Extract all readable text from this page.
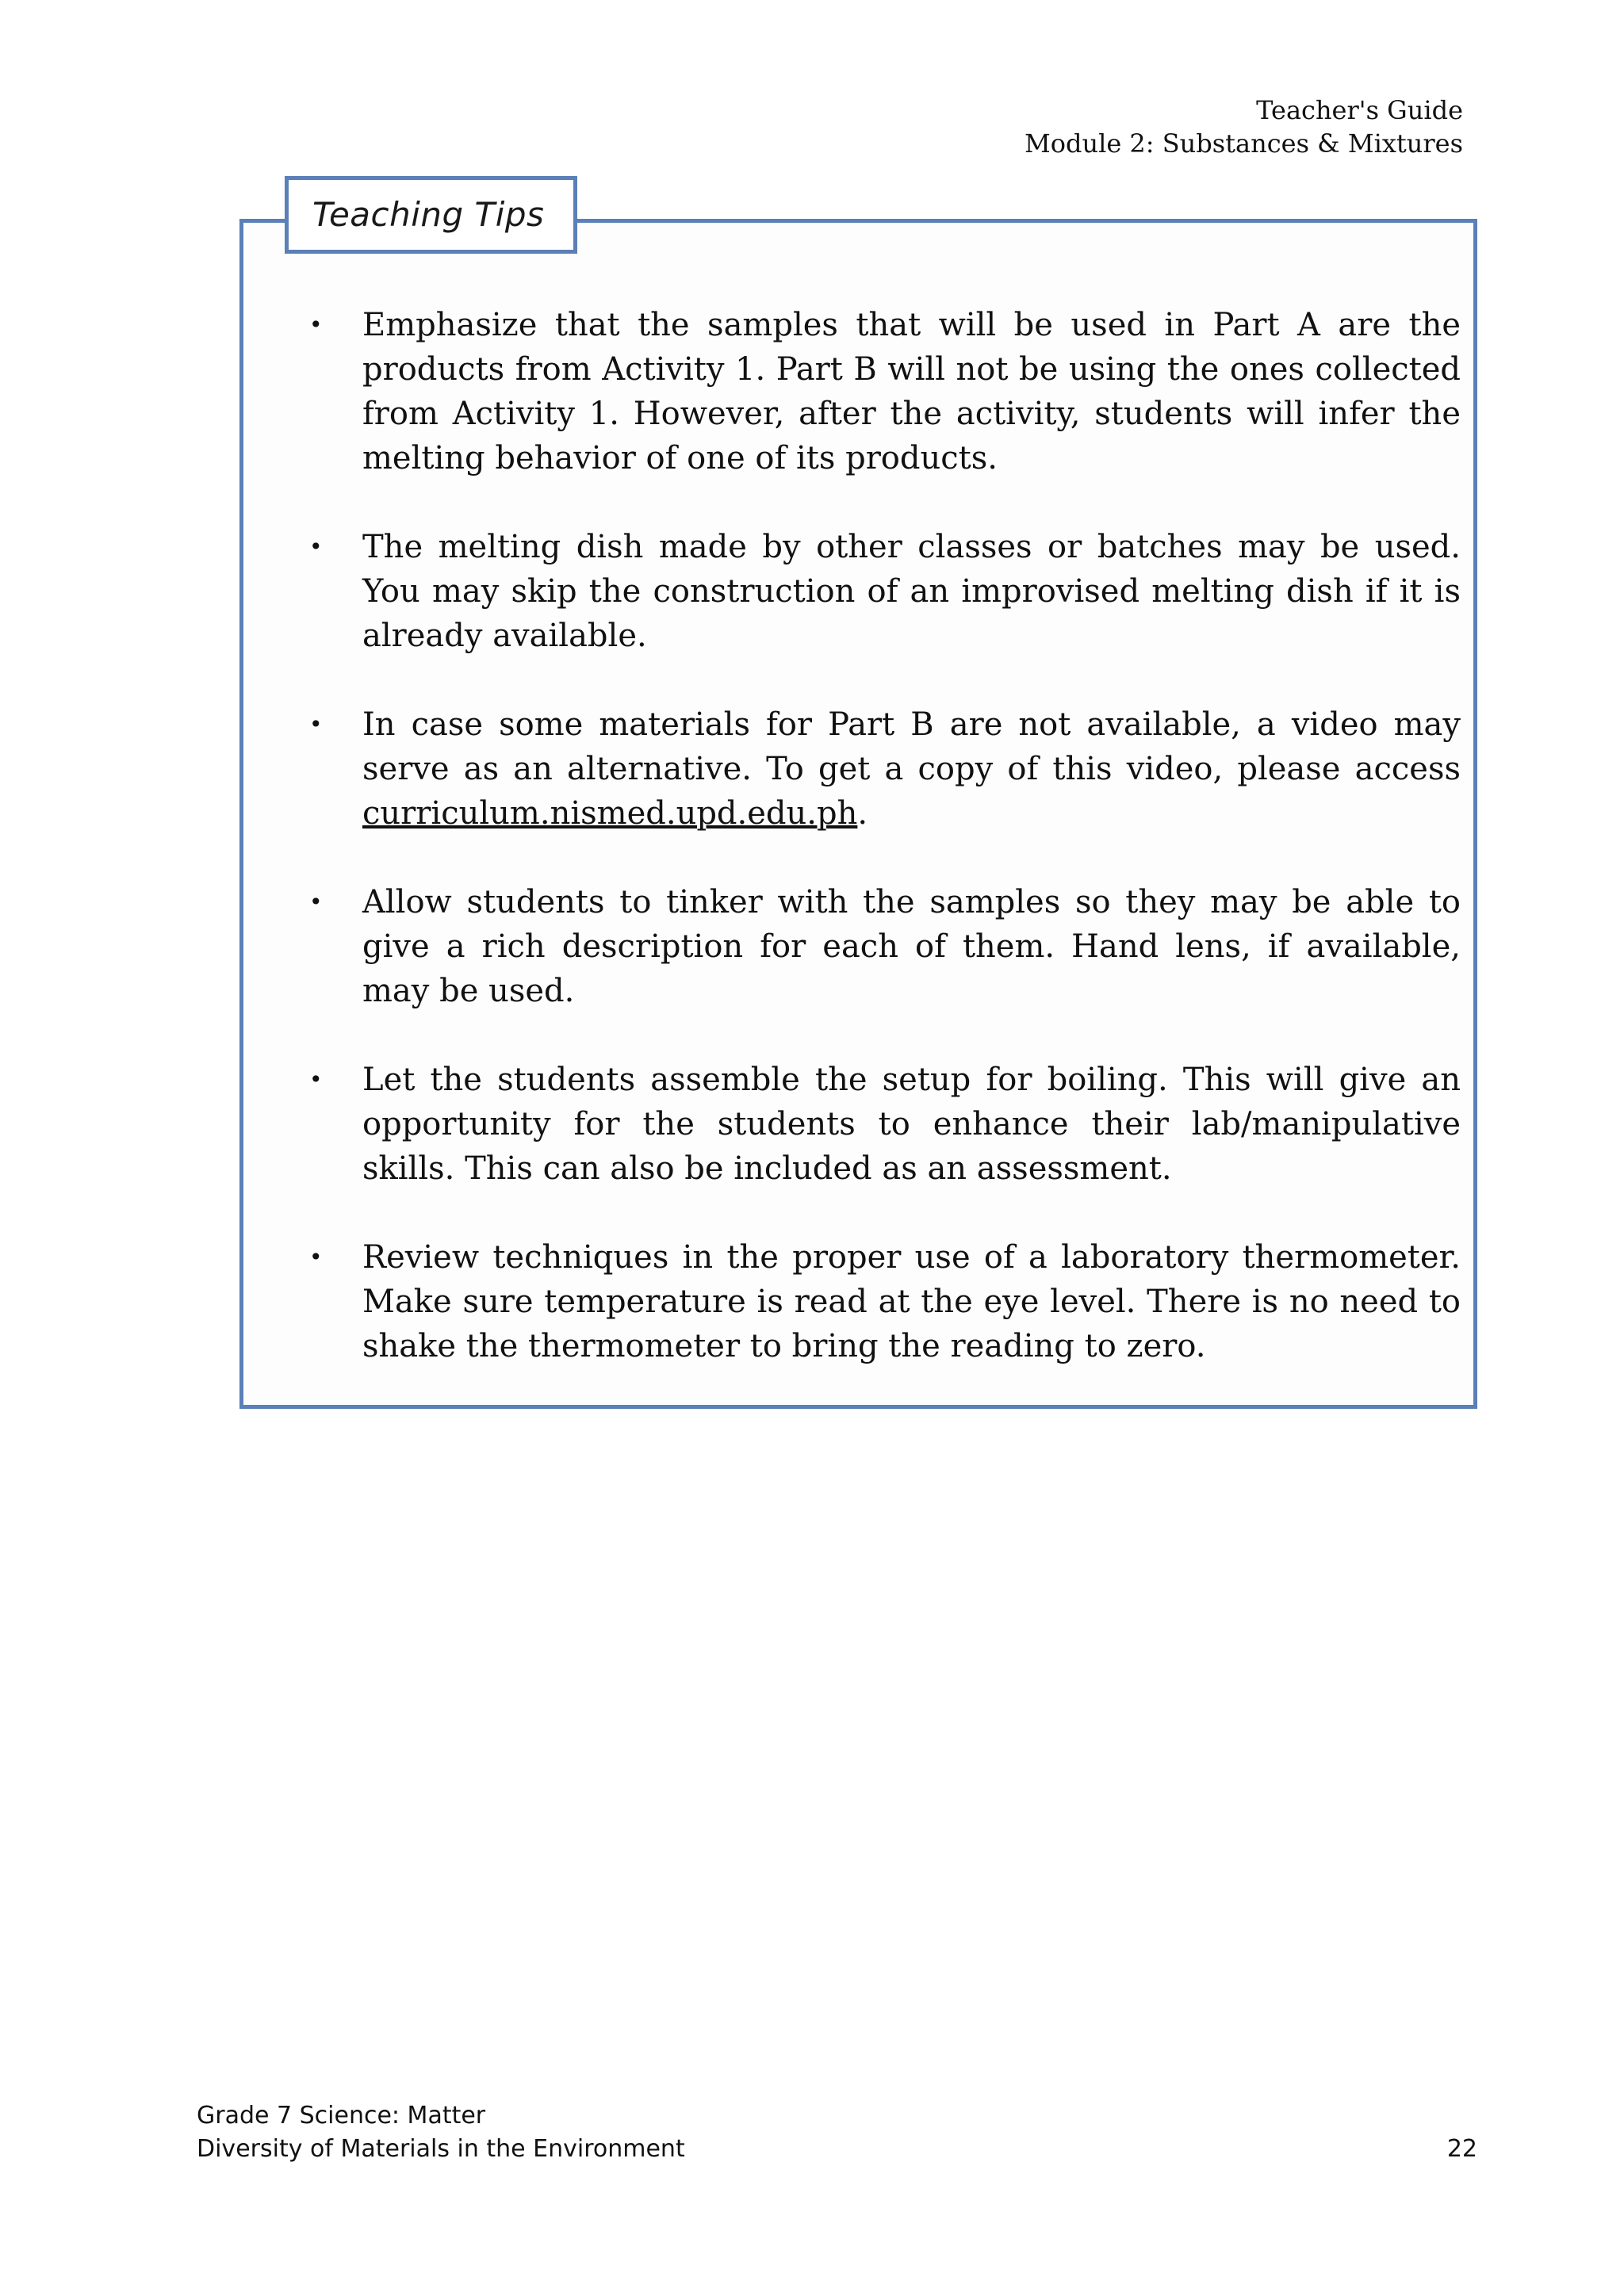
Teacher's Guide
Module 2: Substances & Mixtures
Teaching Tips
• Emphasize that the samples that will be used in Part A are the products from Activity 1. Part B will not be using the ones collected from Activity 1. However, after the activity, students will infer the melting behavior of one of its products.
• The melting dish made by other classes or batches may be used. You may skip the construction of an improvised melting dish if it is already available.
• In case some materials for Part B are not available, a video may serve as an alternative. To get a copy of this video, please access curriculum.nismed.upd.edu.ph.
• Allow students to tinker with the samples so they may be able to give a rich description for each of them. Hand lens, if available, may be used.
• Let the students assemble the setup for boiling. This will give an opportunity for the students to enhance their lab/manipulative skills. This can also be included as an assessment.
• Review techniques in the proper use of a laboratory thermometer. Make sure temperature is read at the eye level. There is no need to shake the thermometer to bring the reading to zero.
Grade 7 Science: Matter
Diversity of Materials in the Environment	22
